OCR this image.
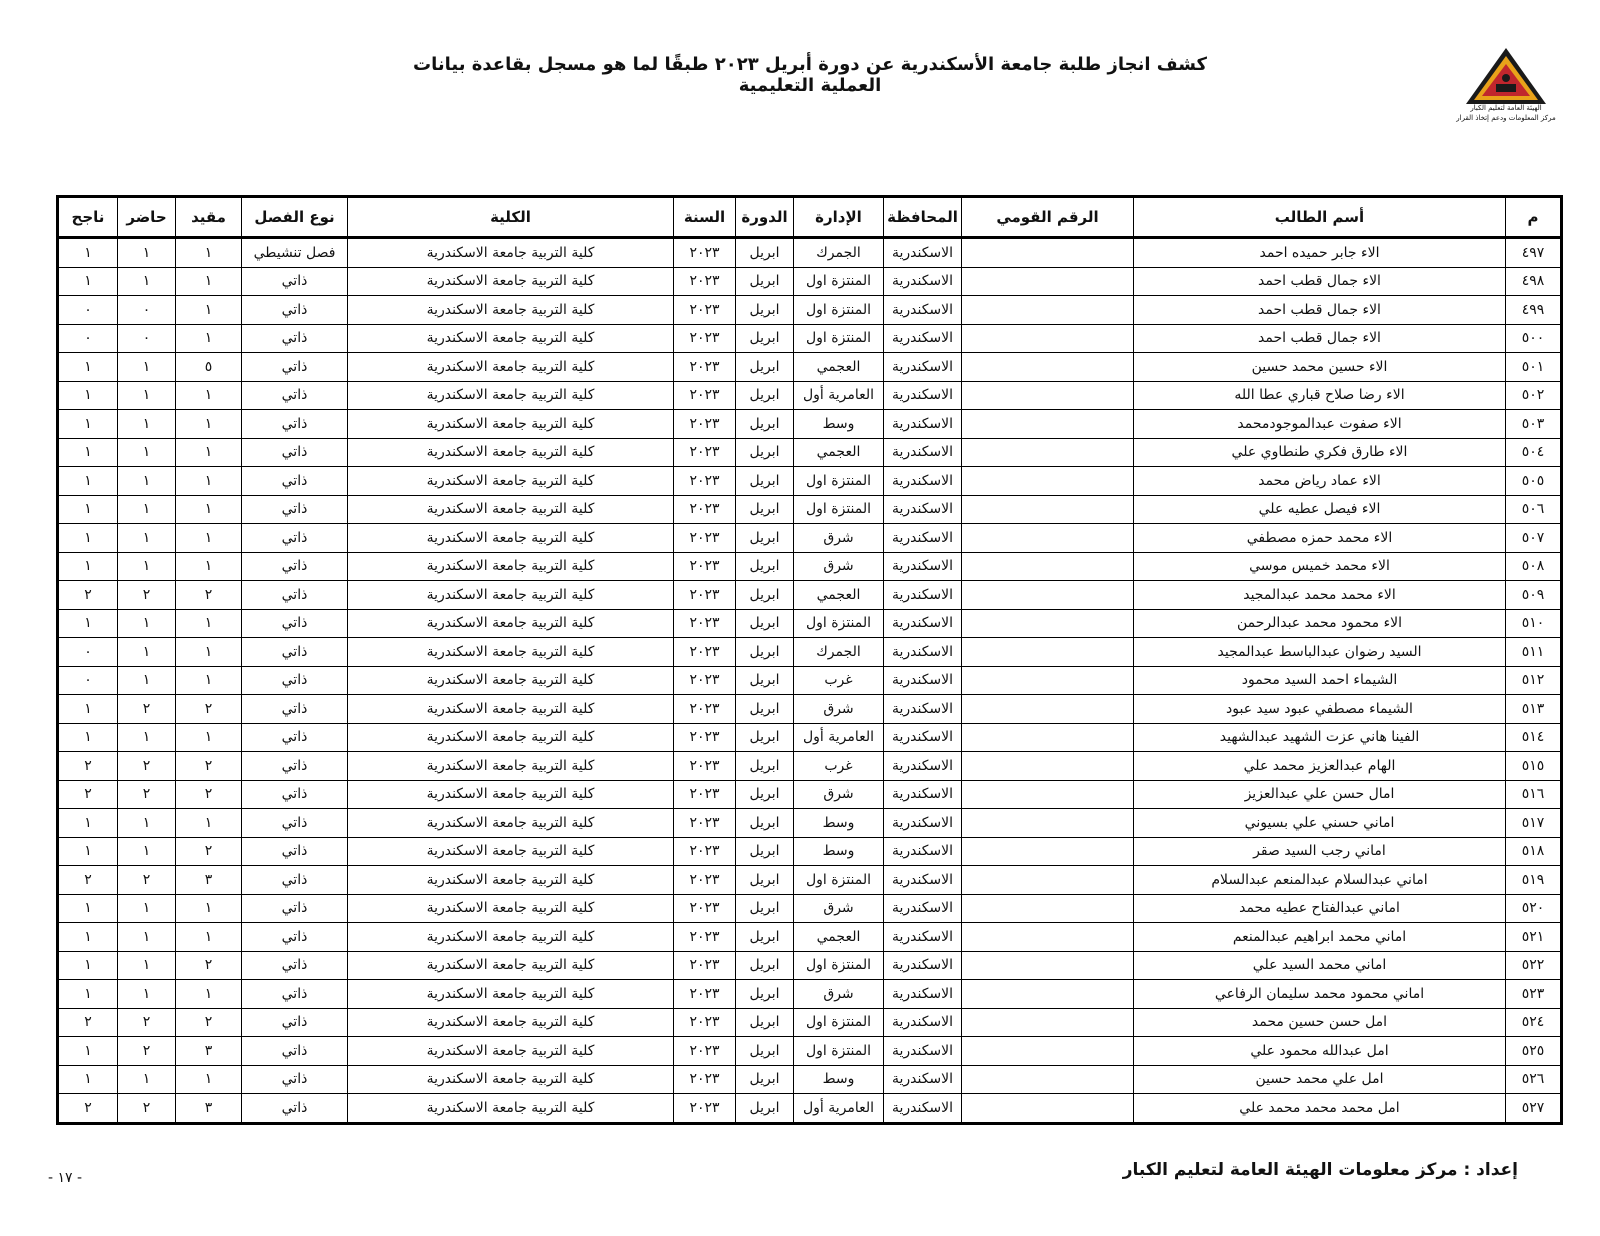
الهيئة العامة لتعليم الكبار
مركز المعلومات ودعم إتخاذ القرار
كشف انجاز طلبة جامعة الأسكندرية عن دورة أبريل ٢٠٢٣ طبقًا لما هو مسجل بقاعدة بيانات العملية التعليمية
م	أسم الطالب	الرقم القومي	المحافظة	الإدارة	الدورة	السنة	الكلية	نوع الفصل	مقيد	حاضر	ناجح
٤٩٧	الاء جابر حميده احمد		الاسكندرية	الجمرك	ابريل	٢٠٢٣	كلية التربية جامعة الاسكندرية	فصل تنشيطي	١	١	١
٤٩٨	الاء جمال قطب احمد		الاسكندرية	المنتزة اول	ابريل	٢٠٢٣	كلية التربية جامعة الاسكندرية	ذاتي	١	١	١
٤٩٩	الاء جمال قطب احمد		الاسكندرية	المنتزة اول	ابريل	٢٠٢٣	كلية التربية جامعة الاسكندرية	ذاتي	١	٠	٠
٥٠٠	الاء جمال قطب احمد		الاسكندرية	المنتزة اول	ابريل	٢٠٢٣	كلية التربية جامعة الاسكندرية	ذاتي	١	٠	٠
٥٠١	الاء حسين محمد حسين		الاسكندرية	العجمي	ابريل	٢٠٢٣	كلية التربية جامعة الاسكندرية	ذاتي	٥	١	١
٥٠٢	الاء رضا صلاح قباري عطا الله		الاسكندرية	العامرية أول	ابريل	٢٠٢٣	كلية التربية جامعة الاسكندرية	ذاتي	١	١	١
٥٠٣	الاء صفوت عبدالموجودمحمد		الاسكندرية	وسط	ابريل	٢٠٢٣	كلية التربية جامعة الاسكندرية	ذاتي	١	١	١
٥٠٤	الاء طارق فكري طنطاوي علي		الاسكندرية	العجمي	ابريل	٢٠٢٣	كلية التربية جامعة الاسكندرية	ذاتي	١	١	١
٥٠٥	الاء عماد رياض محمد		الاسكندرية	المنتزة اول	ابريل	٢٠٢٣	كلية التربية جامعة الاسكندرية	ذاتي	١	١	١
٥٠٦	الاء فيصل عطيه علي		الاسكندرية	المنتزة اول	ابريل	٢٠٢٣	كلية التربية جامعة الاسكندرية	ذاتي	١	١	١
٥٠٧	الاء محمد حمزه مصطفي		الاسكندرية	شرق	ابريل	٢٠٢٣	كلية التربية جامعة الاسكندرية	ذاتي	١	١	١
٥٠٨	الاء محمد خميس موسي		الاسكندرية	شرق	ابريل	٢٠٢٣	كلية التربية جامعة الاسكندرية	ذاتي	١	١	١
٥٠٩	الاء محمد محمد عبدالمجيد		الاسكندرية	العجمي	ابريل	٢٠٢٣	كلية التربية جامعة الاسكندرية	ذاتي	٢	٢	٢
٥١٠	الاء محمود محمد عبدالرحمن		الاسكندرية	المنتزة اول	ابريل	٢٠٢٣	كلية التربية جامعة الاسكندرية	ذاتي	١	١	١
٥١١	السيد رضوان عبدالباسط عبدالمجيد		الاسكندرية	الجمرك	ابريل	٢٠٢٣	كلية التربية جامعة الاسكندرية	ذاتي	١	١	٠
٥١٢	الشيماء احمد السيد محمود		الاسكندرية	غرب	ابريل	٢٠٢٣	كلية التربية جامعة الاسكندرية	ذاتي	١	١	٠
٥١٣	الشيماء مصطفي عبود سيد عبود		الاسكندرية	شرق	ابريل	٢٠٢٣	كلية التربية جامعة الاسكندرية	ذاتي	٢	٢	١
٥١٤	الفينا هاني عزت الشهيد عبدالشهيد		الاسكندرية	العامرية أول	ابريل	٢٠٢٣	كلية التربية جامعة الاسكندرية	ذاتي	١	١	١
٥١٥	الهام عبدالعزيز محمد علي		الاسكندرية	غرب	ابريل	٢٠٢٣	كلية التربية جامعة الاسكندرية	ذاتي	٢	٢	٢
٥١٦	امال حسن علي عبدالعزيز		الاسكندرية	شرق	ابريل	٢٠٢٣	كلية التربية جامعة الاسكندرية	ذاتي	٢	٢	٢
٥١٧	اماني حسني علي بسيوني		الاسكندرية	وسط	ابريل	٢٠٢٣	كلية التربية جامعة الاسكندرية	ذاتي	١	١	١
٥١٨	اماني رجب السيد صقر		الاسكندرية	وسط	ابريل	٢٠٢٣	كلية التربية جامعة الاسكندرية	ذاتي	٢	١	١
٥١٩	اماني عبدالسلام عبدالمنعم عبدالسلام		الاسكندرية	المنتزة اول	ابريل	٢٠٢٣	كلية التربية جامعة الاسكندرية	ذاتي	٣	٢	٢
٥٢٠	اماني عبدالفتاح عطيه محمد		الاسكندرية	شرق	ابريل	٢٠٢٣	كلية التربية جامعة الاسكندرية	ذاتي	١	١	١
٥٢١	اماني محمد ابراهيم عبدالمنعم		الاسكندرية	العجمي	ابريل	٢٠٢٣	كلية التربية جامعة الاسكندرية	ذاتي	١	١	١
٥٢٢	اماني محمد السيد علي		الاسكندرية	المنتزة اول	ابريل	٢٠٢٣	كلية التربية جامعة الاسكندرية	ذاتي	٢	١	١
٥٢٣	اماني محمود محمد سليمان الرفاعي		الاسكندرية	شرق	ابريل	٢٠٢٣	كلية التربية جامعة الاسكندرية	ذاتي	١	١	١
٥٢٤	امل حسن حسين محمد		الاسكندرية	المنتزة اول	ابريل	٢٠٢٣	كلية التربية جامعة الاسكندرية	ذاتي	٢	٢	٢
٥٢٥	امل عبدالله محمود علي		الاسكندرية	المنتزة اول	ابريل	٢٠٢٣	كلية التربية جامعة الاسكندرية	ذاتي	٣	٢	١
٥٢٦	امل علي محمد حسين		الاسكندرية	وسط	ابريل	٢٠٢٣	كلية التربية جامعة الاسكندرية	ذاتي	١	١	١
٥٢٧	امل محمد محمد محمد علي		الاسكندرية	العامرية أول	ابريل	٢٠٢٣	كلية التربية جامعة الاسكندرية	ذاتي	٣	٢	٢
إعداد : مركز معلومات الهيئة العامة لتعليم الكبار
- ١٧ -
